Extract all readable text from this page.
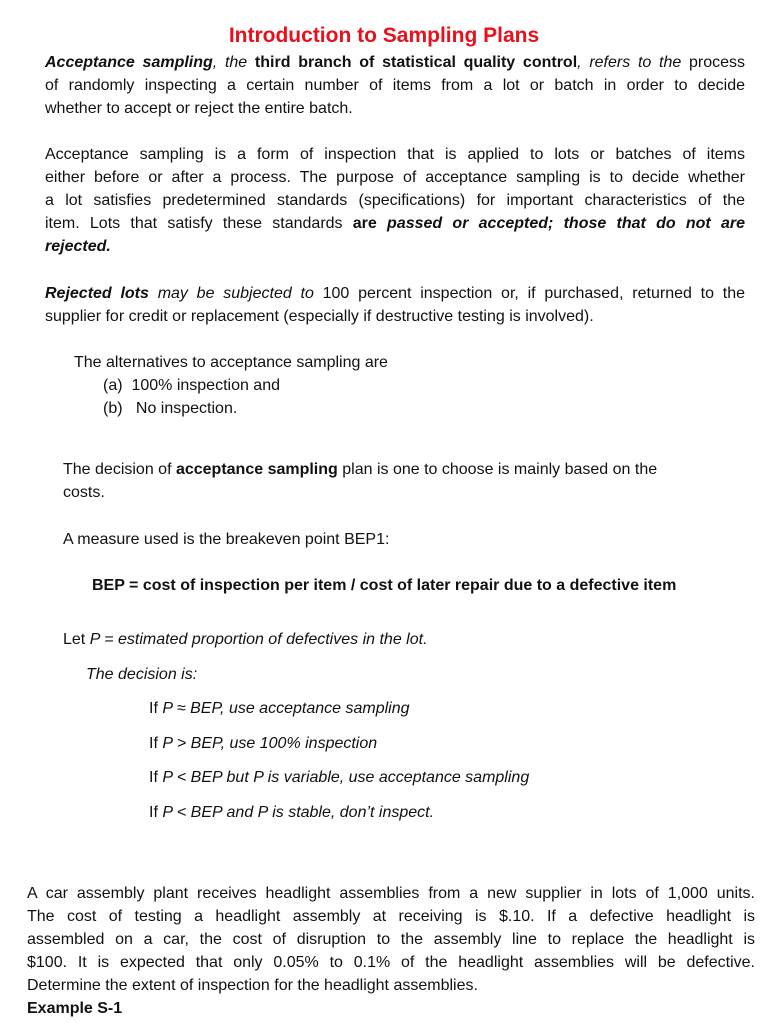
Introduction to Sampling Plans
Acceptance sampling, the third branch of statistical quality control, refers to the process
of randomly inspecting a certain number of items from a lot or batch in order to decide
whether to accept or reject the entire batch.
Acceptance sampling is a form of inspection that is applied to lots or batches of items
either before or after a process. The purpose of acceptance sampling is to decide whether
a lot satisfies predetermined standards (specifications) for important characteristics of the
item. Lots that satisfy these standards are passed or accepted; those that do not are
rejected.
Rejected lots may be subjected to 100 percent inspection or, if purchased, returned to the
supplier for credit or replacement (especially if destructive testing is involved).
The alternatives to acceptance sampling are
(a)  100% inspection and
(b)   No inspection.
The decision of acceptance sampling plan is one to choose is mainly based on the
costs.
A measure used is the breakeven point BEP1:
BEP = cost of inspection per item / cost of later repair due to a defective item
Let P = estimated proportion of defectives in the lot.
The decision is:
If P ≈ BEP, use acceptance sampling
If P > BEP, use 100% inspection
If P < BEP but P is variable, use acceptance sampling
If P < BEP and P is stable, don’t inspect.
A car assembly plant receives headlight assemblies from a new supplier in lots of 1,000 units.
The cost of testing a headlight assembly at receiving is $.10. If a defective headlight is
assembled on a car, the cost of disruption to the assembly line to replace the headlight is
$100. It is expected that only 0.05% to 0.1% of the headlight assemblies will be defective.
Determine the extent of inspection for the headlight assemblies.
Example S-1
